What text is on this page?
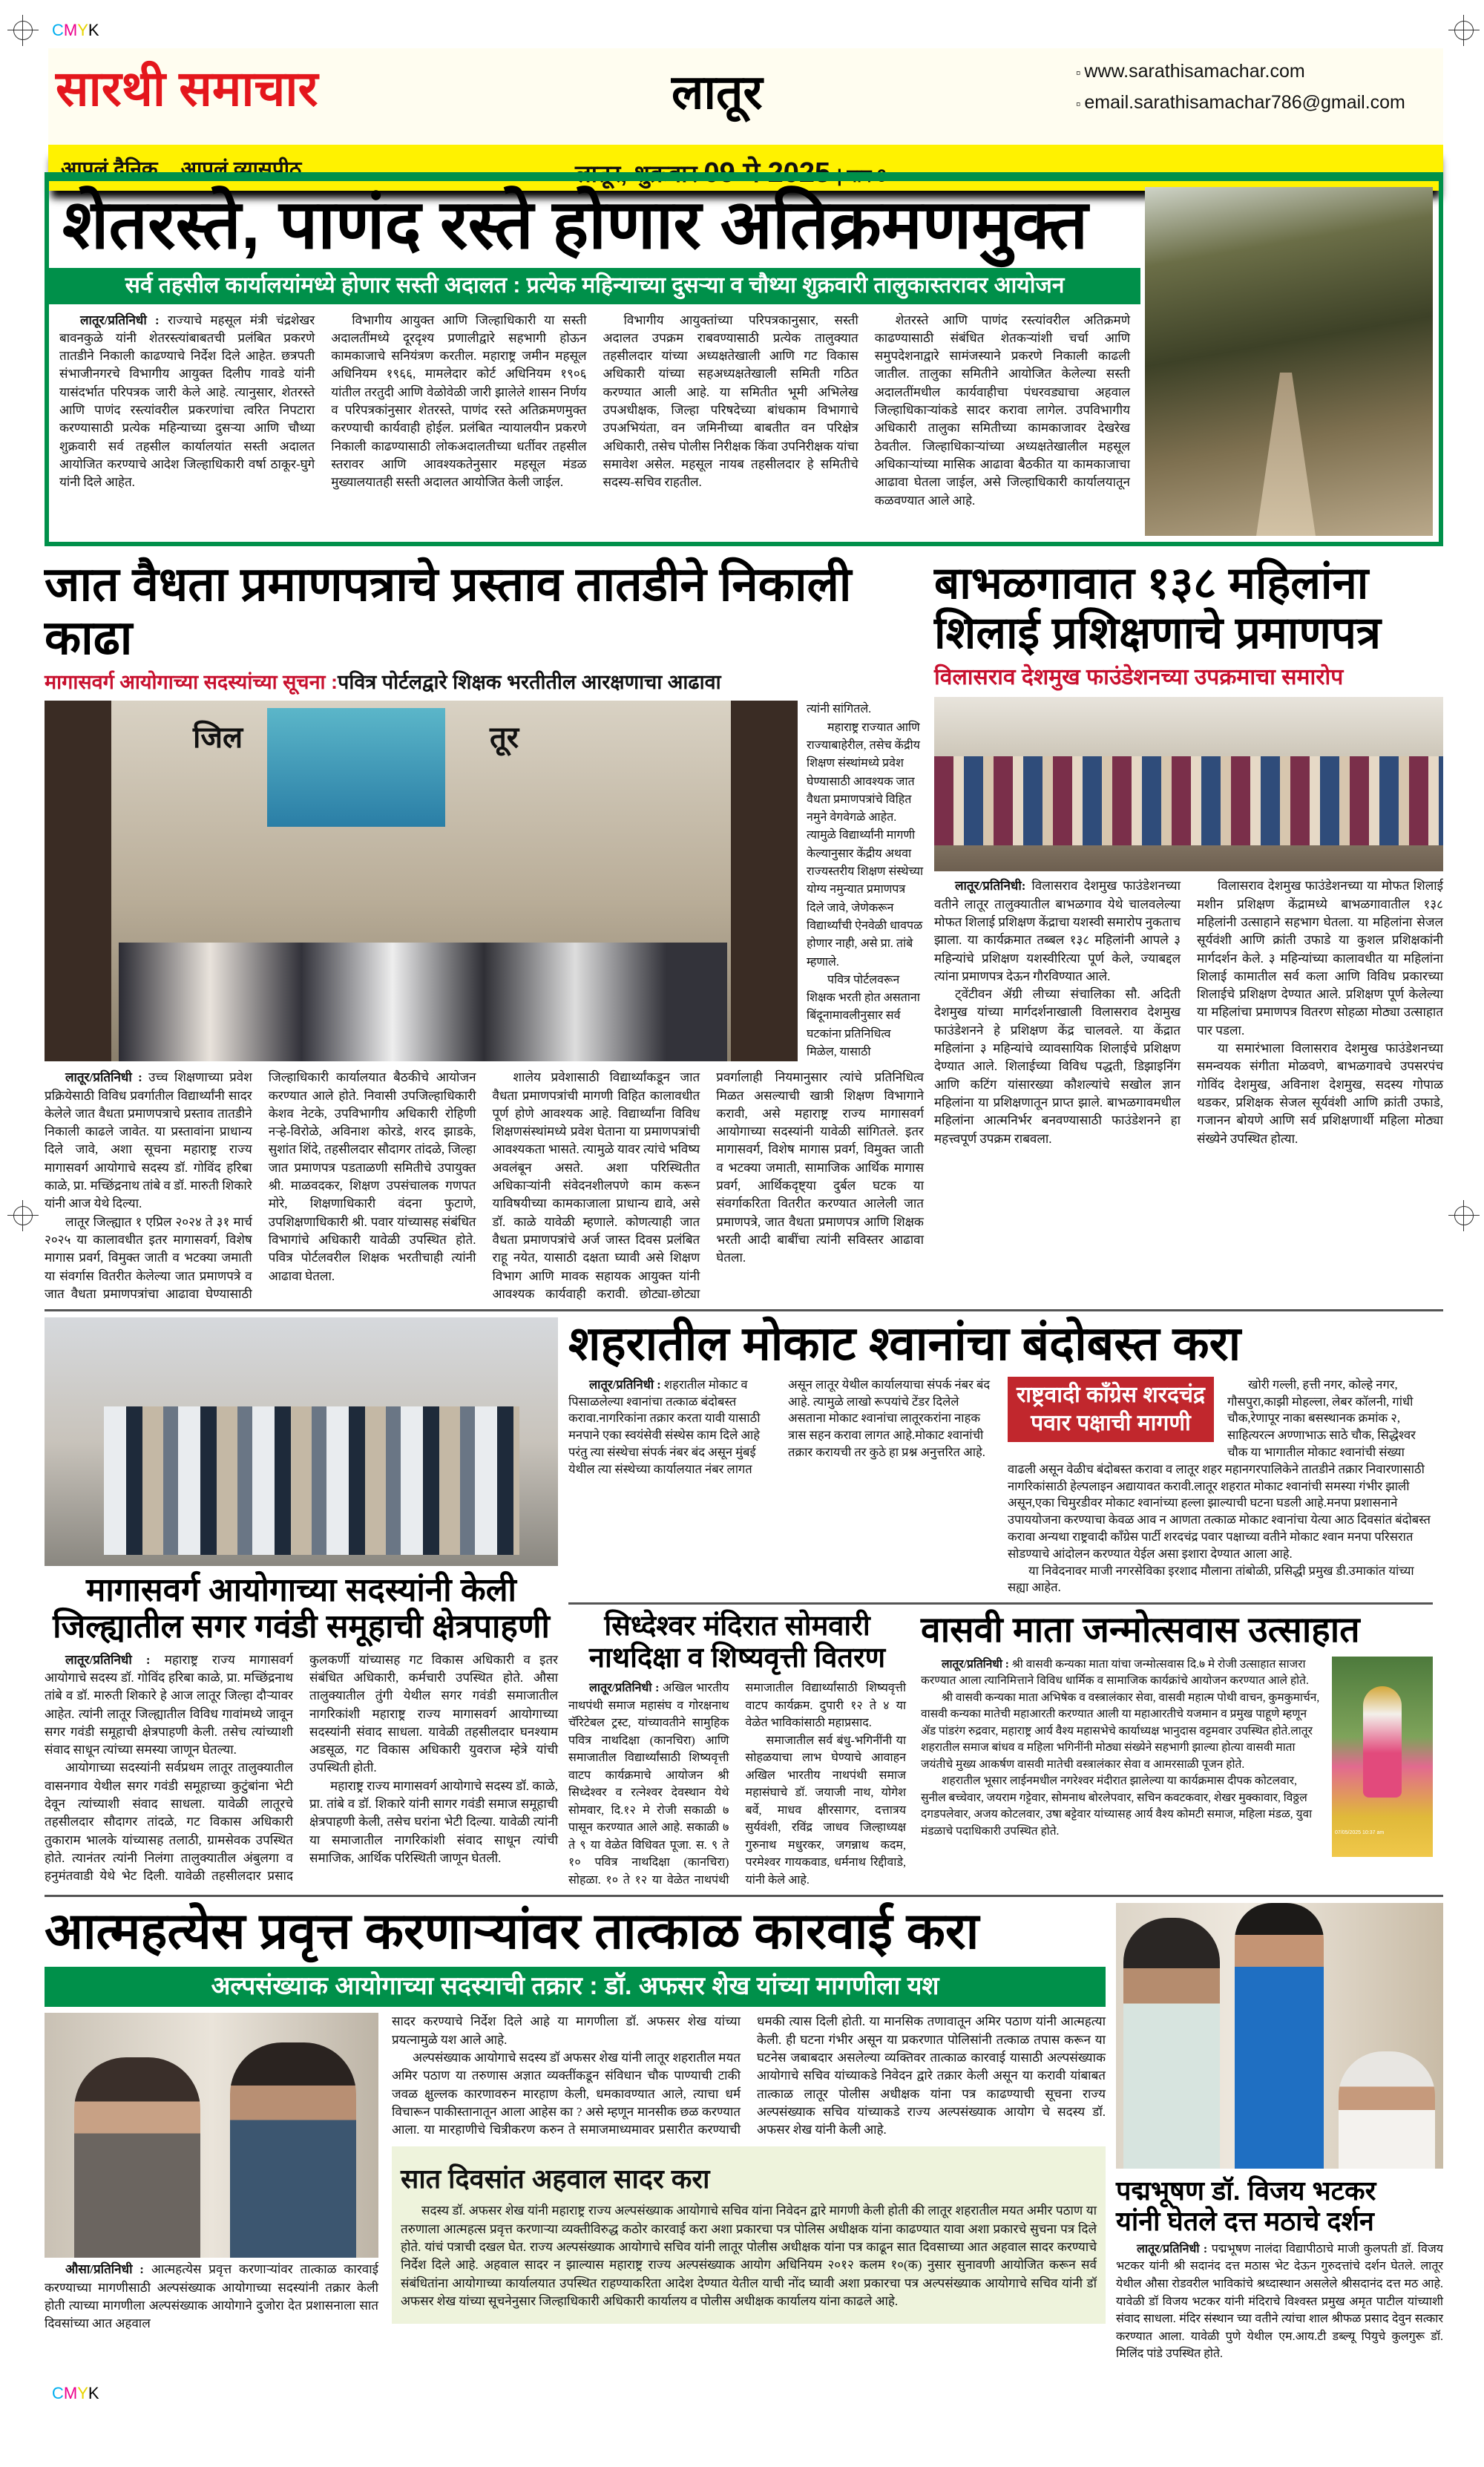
CMYK
सारथी समाचार	लातूर	▫ www.sarathisamachar.com
▫ email.sarathisamachar786@gmail.com
आपलं दैनिक... आपलं व्यासपीठ...	लातूर, शुक्रवार 09 मे 2025 | पान 6
शेतरस्ते, पाणंद रस्ते होणार अतिक्रमणमुक्त
सर्व तहसील कार्यालयांमध्ये होणार सस्ती अदालत : प्रत्येक महिन्याच्या दुसऱ्या व चौथ्या शुक्रवारी तालुकास्तरावर आयोजन

लातूर/प्रतिनिधी : राज्याचे महसूल मंत्री चंद्रशेखर बावनकुळे यांनी शेतरस्त्यांबाबतची प्रलंबित प्रकरणे तातडीने निकाली काढण्याचे निर्देश दिले आहेत. छत्रपती संभाजीनगरचे विभागीय आयुक्त दिलीप गावडे यांनी यासंदर्भात परिपत्रक जारी केले आहे. त्यानुसार, शेतरस्ते आणि पाणंद रस्त्यांवरील प्रकरणांचा त्वरित निपटारा करण्यासाठी प्रत्येक महिन्याच्या दुसऱ्या आणि चौथ्या शुक्रवारी सर्व तहसील कार्यालयांत सस्ती अदालत आयोजित करण्याचे आदेश जिल्हाधिकारी वर्षा ठाकूर-घुगे यांनी दिले आहेत.

विभागीय आयुक्त आणि जिल्हाधिकारी या सस्ती अदालतींमध्ये दूरदृश्य प्रणालीद्वारे सहभागी होऊन कामकाजाचे सनियंत्रण करतील. महाराष्ट्र जमीन महसूल अधिनियम १९६६, मामलेदार कोर्ट अधिनियम १९०६ यांतील तरतुदी आणि वेळोवेळी जारी झालेले शासन निर्णय व परिपत्रकांनुसार शेतरस्ते, पाणंद रस्ते अतिक्रमणमुक्त करण्याची कार्यवाही होईल. प्रलंबित न्यायालयीन प्रकरणे निकाली काढण्यासाठी लोकअदालतीच्या धर्तीवर तहसील स्तरावर आणि आवश्यकतेनुसार महसूल मंडळ मुख्यालयातही सस्ती अदालत आयोजित केली जाईल.

विभागीय आयुक्तांच्या परिपत्रकानुसार, सस्ती अदालत उपक्रम राबवण्यासाठी प्रत्येक तालुक्यात तहसीलदार यांच्या अध्यक्षतेखाली आणि गट विकास अधिकारी यांच्या सहअध्यक्षतेखाली समिती गठित करण्यात आली आहे. या समितीत भूमी अभिलेख उपअधीक्षक, जिल्हा परिषदेच्या बांधकाम विभागाचे उपअभियंता, वन जमिनीच्या बाबतीत वन परिक्षेत्र अधिकारी, तसेच पोलीस निरीक्षक किंवा उपनिरीक्षक यांचा समावेश असेल. महसूल नायब तहसीलदार हे समितीचे सदस्य-सचिव राहतील.

शेतरस्ते आणि पाणंद रस्त्यांवरील अतिक्रमणे काढण्यासाठी संबंधित शेतकऱ्यांशी चर्चा आणि समुपदेशनाद्वारे सामंजस्याने प्रकरणे निकाली काढली जातील. तालुका समितीने आयोजित केलेल्या सस्ती अदालतींमधील कार्यवाहीचा पंधरवड्याचा अहवाल जिल्हाधिकाऱ्यांकडे सादर करावा लागेल. उपविभागीय अधिकारी तालुका समितीच्या कामकाजावर देखरेख ठेवतील. जिल्हाधिकाऱ्यांच्या अध्यक्षतेखालील महसूल अधिकाऱ्यांच्या मासिक आढावा बैठकीत या कामकाजाचा आढावा घेतला जाईल, असे जिल्हाधिकारी कार्यालयातून कळवण्यात आले आहे.

जात वैधता प्रमाणपत्राचे प्रस्ताव तातडीने निकाली काढा
मागासवर्ग आयोगाच्या सदस्यांच्या सूचना :पवित्र पोर्टलद्वारे शिक्षक भरतीतील आरक्षणाचा आढावा
जिल	तूर

त्यांनी सांगितले.

महाराष्ट्र राज्यात आणि राज्याबाहेरील, तसेच केंद्रीय शिक्षण संस्थांमध्ये प्रवेश घेण्यासाठी आवश्यक जात वैधता प्रमाणपत्रांचे विहित नमुने वेगवेगळे आहेत. त्यामुळे विद्यार्थ्यांनी मागणी केल्यानुसार केंद्रीय अथवा राज्यस्तरीय शिक्षण संस्थेच्या योग्य नमुन्यात प्रमाणपत्र दिले जावे, जेणेकरून विद्यार्थ्यांची ऐनवेळी धावपळ होणार नाही, असे प्रा. तांबे म्हणाले.

पवित्र पोर्टलवरून शिक्षक भरती होत असताना बिंदूनामावलीनुसार सर्व घटकांना प्रतिनिधित्व मिळेल, यासाठी

लातूर/प्रतिनिधी : उच्च शिक्षणाच्या प्रवेश प्रक्रियेसाठी विविध प्रवर्गातील विद्यार्थ्यांनी सादर केलेले जात वैधता प्रमाणपत्राचे प्रस्ताव तातडीने निकाली काढले जावेत. या प्रस्तावांना प्राधान्य दिले जावे, अशा सूचना महाराष्ट्र राज्य मागासवर्ग आयोगाचे सदस्य डॉ. गोविंद हरिबा काळे, प्रा. मच्छिंद्रनाथ तांबे व डॉ. मारुती शिकारे यांनी आज येथे दिल्या.

लातूर जिल्ह्यात १ एप्रिल २०२४ ते ३१ मार्च २०२५ या कालावधीत इतर मागासवर्ग, विशेष मागास प्रवर्ग, विमुक्त जाती व भटक्या जमाती या संवर्गास वितरीत केलेल्या जात प्रमाणपत्रे व जात वैधता प्रमाणपत्रांचा आढावा घेण्यासाठी जिल्हाधिकारी कार्यालयात बैठकीचे आयोजन करण्यात आले होते. निवासी उपजिल्हाधिकारी केशव नेटके, उपविभागीय अधिकारी रोहिणी नऱ्हे-विरोळे, अविनाश कोरडे, शरद झाडके, सुशांत शिंदे, तहसीलदार सौदागर तांदळे, जिल्हा जात प्रमाणपत्र पडताळणी समितीचे उपायुक्त श्री. माळवदकर, शिक्षण उपसंचालक गणपत मोरे, शिक्षणाधिकारी वंदना फुटाणे, उपशिक्षणाधिकारी श्री. पवार यांच्यासह संबंधित विभागांचे अधिकारी यावेळी उपस्थित होते. पवित्र पोर्टलवरील शिक्षक भरतीचाही त्यांनी आढावा घेतला.

शालेय प्रवेशासाठी विद्यार्थ्यांकडून जात वैधता प्रमाणपत्रांची मागणी विहित कालावधीत पूर्ण होणे आवश्यक आहे. विद्यार्थ्यांना विविध शिक्षणसंस्थांमध्ये प्रवेश घेताना या प्रमाणपत्रांची आवश्यकता भासते. त्यामुळे यावर त्यांचे भविष्य अवलंबून असते. अशा परिस्थितीत अधिकाऱ्यांनी संवेदनशीलपणे काम करून याविषयीच्या कामकाजाला प्राधान्य द्यावे, असे डॉ. काळे यावेळी म्हणाले. कोणत्याही जात वैधता प्रमाणपत्रांचे अर्ज जास्त दिवस प्रलंबित राहू नयेत, यासाठी दक्षता घ्यावी असे शिक्षण विभाग आणि मावक सहायक आयुक्त यांनी आवश्यक कार्यवाही करावी. छोट्या-छोट्या प्रवर्गालाही नियमानुसार त्यांचे प्रतिनिधित्व मिळत असल्याची खात्री शिक्षण विभागाने करावी, असे महाराष्ट्र राज्य मागासवर्ग आयोगाच्या सदस्यांनी यावेळी सांगितले. इतर मागासवर्ग, विशेष मागास प्रवर्ग, विमुक्त जाती व भटक्या जमाती, सामाजिक आर्थिक मागास प्रवर्ग, आर्थिकदृष्ट्या दुर्बल घटक या संवर्गाकरिता वितरीत करण्यात आलेली जात प्रमाणपत्रे, जात वैधता प्रमाणपत्र आणि शिक्षक भरती आदी बाबींचा त्यांनी सविस्तर आढावा घेतला.

बाभळगावात १३८ महिलांना
शिलाई प्रशिक्षणाचे प्रमाणपत्र
विलासराव देशमुख फाउंडेशनच्या उपक्रमाचा समारोप

लातूर/प्रतिनिधी: विलासराव देशमुख फाउंडेशनच्या वतीने लातूर तालुक्यातील बाभळगाव येथे चालवलेल्या मोफत शिलाई प्रशिक्षण केंद्राचा यशस्वी समारोप नुकताच झाला. या कार्यक्रमात तब्बल १३८ महिलांनी आपले ३ महिन्यांचे प्रशिक्षण यशस्वीरित्या पूर्ण केले, ज्याबद्दल त्यांना प्रमाणपत्र देऊन गौरविण्यात आले.

ट्वेंटीवन ॲग्री लीच्या संचालिका सौ. अदिती देशमुख यांच्या मार्गदर्शनाखाली विलासराव देशमुख फाउंडेशनने हे प्रशिक्षण केंद्र चालवले. या केंद्रात महिलांना ३ महिन्यांचे व्यावसायिक शिलाईचे प्रशिक्षण देण्यात आले. शिलाईच्या विविध पद्धती, डिझाइनिंग आणि कटिंग यांसारख्या कौशल्यांचे सखोल ज्ञान महिलांना या प्रशिक्षणातून प्राप्त झाले. बाभळगावमधील महिलांना आत्मनिर्भर बनवण्यासाठी फाउंडेशनने हा महत्त्वपूर्ण उपक्रम राबवला.

विलासराव देशमुख फाउंडेशनच्या या मोफत शिलाई मशीन प्रशिक्षण केंद्रामध्ये बाभळगावातील १३८ महिलांनी उत्साहाने सहभाग घेतला. या महिलांना सेजल सूर्यवंशी आणि क्रांती उफाडे या कुशल प्रशिक्षकांनी मार्गदर्शन केले. ३ महिन्यांच्या कालावधीत या महिलांना शिलाई कामातील सर्व कला आणि विविध प्रकारच्या शिलाईचे प्रशिक्षण देण्यात आले. प्रशिक्षण पूर्ण केलेल्या या महिलांचा प्रमाणपत्र वितरण सोहळा मोठ्या उत्साहात पार पडला.

या समारंभाला विलासराव देशमुख फाउंडेशनच्या समन्वयक संगीता मोळवणे, बाभळगावचे उपसरपंच गोविंद देशमुख, अविनाश देशमुख, सदस्य गोपाळ थडकर, प्रशिक्षक सेजल सूर्यवंशी आणि क्रांती उफाडे, गजानन बोयणे आणि सर्व प्रशिक्षणार्थी महिला मोठ्या संख्येने उपस्थित होत्या.

मागासवर्ग आयोगाच्या सदस्यांनी केली
जिल्ह्यातील सगर गवंडी समूहाची क्षेत्रपाहणी

लातूर/प्रतिनिधी : महाराष्ट्र राज्य मागासवर्ग आयोगाचे सदस्य डॉ. गोविंद हरिबा काळे, प्रा. मच्छिंद्रनाथ तांबे व डॉ. मारुती शिकारे हे आज लातूर जिल्हा दौऱ्यावर आहेत. त्यांनी लातूर जिल्ह्यातील विविध गावांमध्ये जावून सगर गवंडी समूहाची क्षेत्रपाहणी केली. तसेच त्यांच्याशी संवाद साधून त्यांच्या समस्या जाणून घेतल्या.

आयोगाच्या सदस्यांनी सर्वप्रथम लातूर तालुक्यातील वासनगाव येथील सगर गवंडी समूहाच्या कुटुंबांना भेटी देवून त्यांच्याशी संवाद साधला. यावेळी लातूरचे तहसीलदार सौदागर तांदळे, गट विकास अधिकारी तुकाराम भालके यांच्यासह तलाठी, ग्रामसेवक उपस्थित होते. त्यानंतर त्यांनी निलंगा तालुक्यातील अंबुलगा व हनुमंतवाडी येथे भेट दिली. यावेळी तहसीलदार प्रसाद कुलकर्णी यांच्यासह गट विकास अधिकारी व इतर संबंधित अधिकारी, कर्मचारी उपस्थित होते. औसा तालुक्यातील तुंगी येथील सगर गवंडी समाजातील नागरिकांशी महाराष्ट्र राज्य मागासवर्ग आयोगाच्या सदस्यांनी संवाद साधला. यावेळी तहसीलदार घनश्याम अडसूळ, गट विकास अधिकारी युवराज म्हेत्रे यांची उपस्थिती होती.

महाराष्ट्र राज्य मागासवर्ग आयोगाचे सदस्य डॉ. काळे, प्रा. तांबे व डॉ. शिकारे यांनी सागर गवंडी समाज समूहाची क्षेत्रपाहणी केली, तसेच घरांना भेटी दिल्या. यावेळी त्यांनी या समाजातील नागरिकांशी संवाद साधून त्यांची समाजिक, आर्थिक परिस्थिती जाणून घेतली.

शहरातील मोकाट श्वानांचा बंदोबस्त करा

लातूर/प्रतिनिधी : शहरातील मोकाट व पिसाळलेल्या श्वानांचा तत्काळ बंदोबस्त करावा.नागरिकांना तक्रार करता यावी यासाठी मनपाने एका स्वयंसेवी संस्थेस काम दिले आहे परंतु त्या संस्थेचा संपर्क नंबर बंद असून मुंबई येथील त्या संस्थेच्या कार्यालयात नंबर लागत असून लातूर येथील कार्यालयाचा संपर्क नंबर बंद आहे. त्यामुळे लाखो रूपयांचे टेंडर दिलेले असताना मोकाट श्वानांचा लातूरकरांना नाहक त्रास सहन करावा लागत आहे.मोकाट श्वानांची तक्रार करायची तर कुठे हा प्रश्न अनुत्तरित आहे.

राष्ट्रवादी कॉंग्रेस शरदचंद्र पवार पक्षाची मागणी

खोरी गल्ली, हत्ती नगर, कोल्हे नगर, गौसपुरा,काझी मोहल्ला, लेबर कॉलनी, गांधी चौक,रेणापूर नाका बसस्थानक क्रमांक २, साहित्यरत्न अण्णाभाऊ साठे चौक, सिद्धेश्वर चौक या भागातील मोकाट श्वानांची संख्या वाढली असून वेळीच बंदोबस्त करावा व लातूर शहर महानगरपालिकेने तातडीने तक्रार निवारणासाठी नागरिकांसाठी हेल्पलाइन अद्यायावत करावी.लातूर शहरात मोकाट श्वानांची समस्या गंभीर झाली असून,एका चिमुरडीवर मोकाट श्वानांच्या हल्ला झाल्याची घटना घडली आहे.मनपा प्रशासनाने उपाययोजना करण्याचा केवळ आव न आणता तत्काळ मोकाट श्वानांचा येत्या आठ दिवसांत बंदोबस्त करावा अन्यथा राष्ट्रवादी कॉंग्रेस पार्टी शरदचंद्र पवार पक्षाच्या वतीने मोकाट श्वान मनपा परिसरात सोडण्याचे आंदोलन करण्यात येईल असा इशारा देण्यात आला आहे.

या निवेदनावर माजी नगरसेविका इरशाद मौलाना तांबोळी, प्रसिद्धी प्रमुख डी.उमाकांत यांच्या सह्या आहेत.

सिध्देश्वर मंदिरात सोमवारी
नाथदिक्षा व शिष्यवृत्ती वितरण

लातूर/प्रतिनिधी : अखिल भारतीय नाथपंथी समाज महासंघ व गोरक्षनाथ चॅरिटेबल ट्रस्ट, यांच्यावतीने सामुहिक पवित्र नाथदिक्षा (कानचिरा) आणि समाजातील विद्यार्थ्यांसाठी शिष्यवृत्ती वाटप कार्यक्रमाचे आयोजन श्री सिध्देश्वर व रत्नेश्वर देवस्थान येथे सोमवार, दि.१२ मे रोजी सकाळी ७ पासून करण्यात आले आहे. सकाळी ७ ते ९ या वेळेत विधिवत पूजा. स. ९ ते १० पवित्र नाथदिक्षा (कानचिरा) सोहळा. १० ते १२ या वेळेत नाथपंथी समाजातील विद्यार्थ्यांसाठी शिष्यवृत्ती वाटप कार्यक्रम. दुपारी १२ ते ४ या वेळेत भाविकांसाठी महाप्रसाद.

समाजातील सर्व बंधु-भगिनींनी या सोहळयाचा लाभ घेण्याचे आवाहन अखिल भारतीय नाथपंथी समाज महासंघाचे डॉ. जयाजी नाथ, योगेश बर्वे, माधव क्षीरसागर, दत्तात्रय सुर्यवंशी, रविंद्र जाधव जिल्हाध्यक्ष गुरुनाथ मधुरकर, जगन्नाथ कदम, परमेश्वर गायकवाड, धर्मनाथ रिद्दीवाडे, यांनी केले आहे.

वासवी माता जन्मोत्सवास उत्साहात
07/05/2025 10:37 am

लातूर/प्रतिनिधी : श्री वासवी कन्यका माता यांचा जन्मोत्सवास दि.७ मे रोजी उत्साहात साजरा करण्यात आला त्यानिमित्ताने विविध धार्मिक व सामाजिक कार्यक्रांचे आयोजन करण्यात आले होते.

श्री वासवी कन्यका माता अभिषेक व वस्त्रालंकार सेवा, वासवी महात्म पोथी वाचन, कुमकुमार्चन, वासवी कन्यका मातेची महाआरती करण्यात आली या महाआरतीचे यजमान व प्रमुख पाहूणे म्हणून ॲड पांडरंग रुद्रवार, महाराष्ट्र आर्य वैश्य महासभेचे कार्याध्यक्ष भानुदास वट्टमवार उपस्थित होते.लातूर शहरातील समाज बांधव व महिला भगिनींनी मोठ्या संख्येने सहभागी झाल्या होत्या वासवी माता जयंतीचे मुख्य आकर्षण वासवी मातेची वस्त्रालंकार सेवा व आमरसाळी पूजन होते.

शहरातील भूसार लाईनमधील नगरेश्वर मंदीरात झालेल्या या कार्यक्रमास दीपक कोटलवार, सुनील बच्चेवार, जयराम गट्टेवार, सोमनाथ बोरलेपवार, सचिन कवटकवार, शेखर मुक्कावार, विठ्ठल दगडपलेवार, अजय कोटलवार, उषा बट्टेवार यांच्यासह आर्य वैश्य कोमटी समाज, महिला मंडळ, युवा मंडळाचे पदाधिकारी उपस्थित होते.

आत्महत्येस प्रवृत्त करणाऱ्यांवर तात्काळ कारवाई करा
अल्पसंख्याक आयोगाच्या सदस्याची तक्रार : डॉ. अफसर शेख यांच्या मागणीला यश

औसा/प्रतिनिधी : आत्महत्येस प्रवृत्त करणाऱ्यांवर तात्काळ कारवाई करण्याच्या मागणीसाठी अल्पसंख्याक आयोगाच्या सदस्यांनी तक्रार केली होती त्याच्या मागणीला अल्पसंख्याक आयोगाने दुजोरा देत प्रशासनाला सात दिवसांच्या आत अहवाल

सादर करण्याचे निर्देश दिले आहे या मागणीला डॉ. अफसर शेख यांच्या प्रयत्नामुळे यश आले आहे.

अल्पसंख्याक आयोगाचे सदस्य डॉ अफसर शेख यांनी लातूर शहरातील मयत अमिर पठाण या तरुणास अज्ञात व्यक्तींकडून संविधान चौक पाण्याची टाकी जवळ क्षुल्लक कारणावरुन मारहाण केली, धमकावण्यात आले, त्याचा धर्म विचारून पाकीस्तानातून आला आहेस का ? असे म्हणून मानसीक छळ करण्यात आला. या मारहाणीचे चित्रीकरण करुन ते समाजमाध्यमावर प्रसारीत करण्याची धमकी त्यास दिली होती. या मानसिक तणावातून अमिर पठाण यांनी आत्महत्या केली. ही घटना गंभीर असून या प्रकरणात पोलिसांनी तत्काळ तपास करून या घटनेस जबाबदार असलेल्या व्यक्तिवर तात्काळ कारवाई यासाठी अल्पसंख्याक आयोगाचे सचिव यांच्याकडे निवेदन द्वारे तक्रार केली असून या करावी यांबाबत तात्काळ लातूर पोलीस अधीक्षक यांना पत्र काढण्याची सूचना राज्य अल्पसंख्याक सचिव यांच्याकडे राज्य अल्पसंख्याक आयोग चे सदस्य डॉ. अफसर शेख यांनी केली आहे.

सात दिवसांत अहवाल सादर करा

सदस्य डॉ. अफसर शेख यांनी महाराष्ट्र राज्य अल्पसंख्याक आयोगाचे सचिव यांना निवेदन द्वारे मागणी केली होती की लातूर शहरातील मयत अमीर पठाण या तरुणाला आत्महत्स प्रवृत्त करणाऱ्या व्यक्तीविरुद्ध कठोर कारवाई करा अशा प्रकारचा पत्र पोलिस अधीक्षक यांना काढण्यात यावा अशा प्रकारचे सुचना पत्र दिले होते. यांचं पत्राची दखल घेत. राज्य अल्पसंख्याक आयोगाचे सचिव यांनी लातूर पोलीस अधीक्षक यांना पत्र काढून सात दिवसाच्या आत अहवाल सादर करण्याचे निर्देश दिले आहे. अहवाल सादर न झाल्यास महाराष्ट्र राज्य अल्पसंख्याक आयोग अधिनियम २०१२ कलम १०(क) नुसार सुनावणी आयोजित करून सर्व संबंधितांना आयोगाच्या कार्यालयात उपस्थित राहण्याकरिता आदेश देण्यात येतील याची नोंद घ्यावी अशा प्रकारचा पत्र अल्पसंख्याक आयोगाचे सचिव यांनी डॉ अफसर शेख यांच्या सूचनेनुसार जिल्हाधिकारी अधिकारी कार्यालय व पोलीस अधीक्षक कार्यालय यांना काढले आहे.

पद्मभूषण डॉ. विजय भटकर
यांनी घेतले दत्त मठाचे दर्शन

लातूर/प्रतिनिधी : पद्मभूषण नालंदा विद्यापीठाचे माजी कुलपती डॉ. विजय भटकर यांनी श्री सदानंद दत्त मठास भेट देऊन गुरुदत्तांचे दर्शन घेतले. लातूर येथील औसा रोडवरील भाविकांचे श्रध्दास्थान असलेले श्रीसदानंद दत्त मठ आहे. यावेळी डॉ विजय भटकर यांनी मंदिराचे विश्वस्त प्रमुख अमृत पाटील यांच्याशी संवाद साधला. मंदिर संस्थान च्या वतीने त्यांचा शाल श्रीफळ प्रसाद देवुन सत्कार करण्यात आला. यावेळी पुणे येथील एम.आय.टी डब्ल्यू पियुचे कुलगुरू डॉ. मिलिंद पांडे उपस्थित होते.

CMYK
